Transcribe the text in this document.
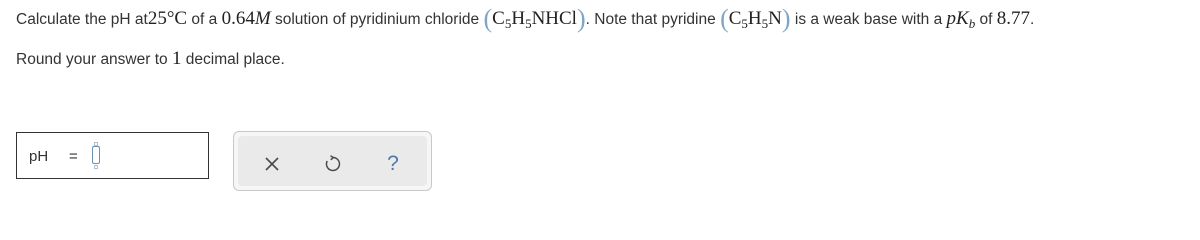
Calculate the pH at 25 °C of a 0.64 M solution of pyridinium chloride ( $C_5H_5NHCl$ ) . Note that pyridine ( $C_5H_5N$ ) is a weak base with a $pK_b$ of 8.77 .
Round your answer to 1 decimal place.
pH =	?
